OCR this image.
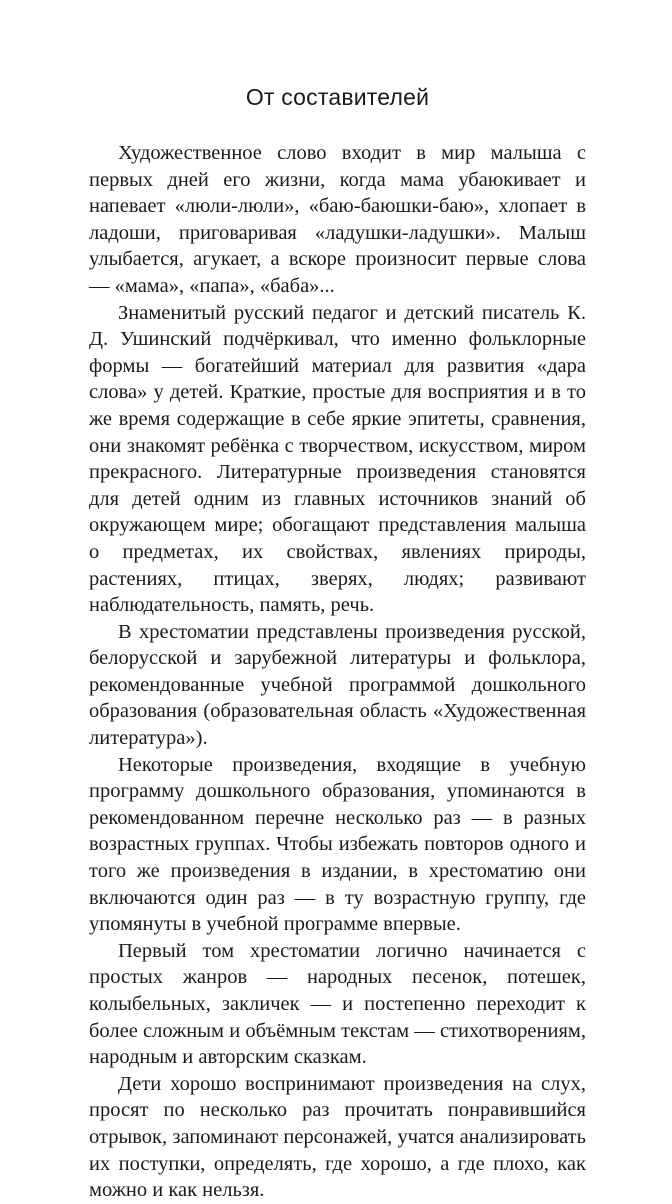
От составителей

Художественное слово входит в мир малыша с первых дней его жизни, когда мама убаюкивает и напевает «люли-люли», «баю-баюшки-баю», хлопает в ладоши, приговаривая «ладушки-ладушки». Малыш улыбается, агукает, а вскоре произносит первые слова — «мама», «папа», «баба»...

Знаменитый русский педагог и детский писатель К. Д. Ушинский подчёркивал, что именно фольклорные формы — богатейший материал для развития «дара слова» у детей. Краткие, простые для восприятия и в то же время содержащие в себе яркие эпитеты, сравнения, они знакомят ребёнка с творчеством, искусством, миром прекрасного. Литературные произведения становятся для детей одним из главных источников знаний об окружающем мире; обогащают представления малыша о предметах, их свойствах, явлениях природы, растениях, птицах, зверях, людях; развивают наблюдательность, память, речь.

В хрестоматии представлены произведения русской, белорусской и зарубежной литературы и фольклора, рекомендованные учебной программой дошкольного образования (образовательная область «Художественная литература»).

Некоторые произведения, входящие в учебную программу дошкольного образования, упоминаются в рекомендованном перечне несколько раз — в разных возрастных группах. Чтобы избежать повторов одного и того же произведения в издании, в хрестоматию они включаются один раз — в ту возрастную группу, где упомянуты в учебной программе впервые.

Первый том хрестоматии логично начинается с простых жанров — народных песенок, потешек, колыбельных, закличек — и постепенно переходит к более сложным и объёмным текстам — стихотворениям, народным и авторским сказкам.

Дети хорошо воспринимают произведения на слух, просят по несколько раз прочитать понравившийся отрывок, запоминают персонажей, учатся анализировать их поступки, определять, где хорошо, а где плохо, как можно и как нельзя.
